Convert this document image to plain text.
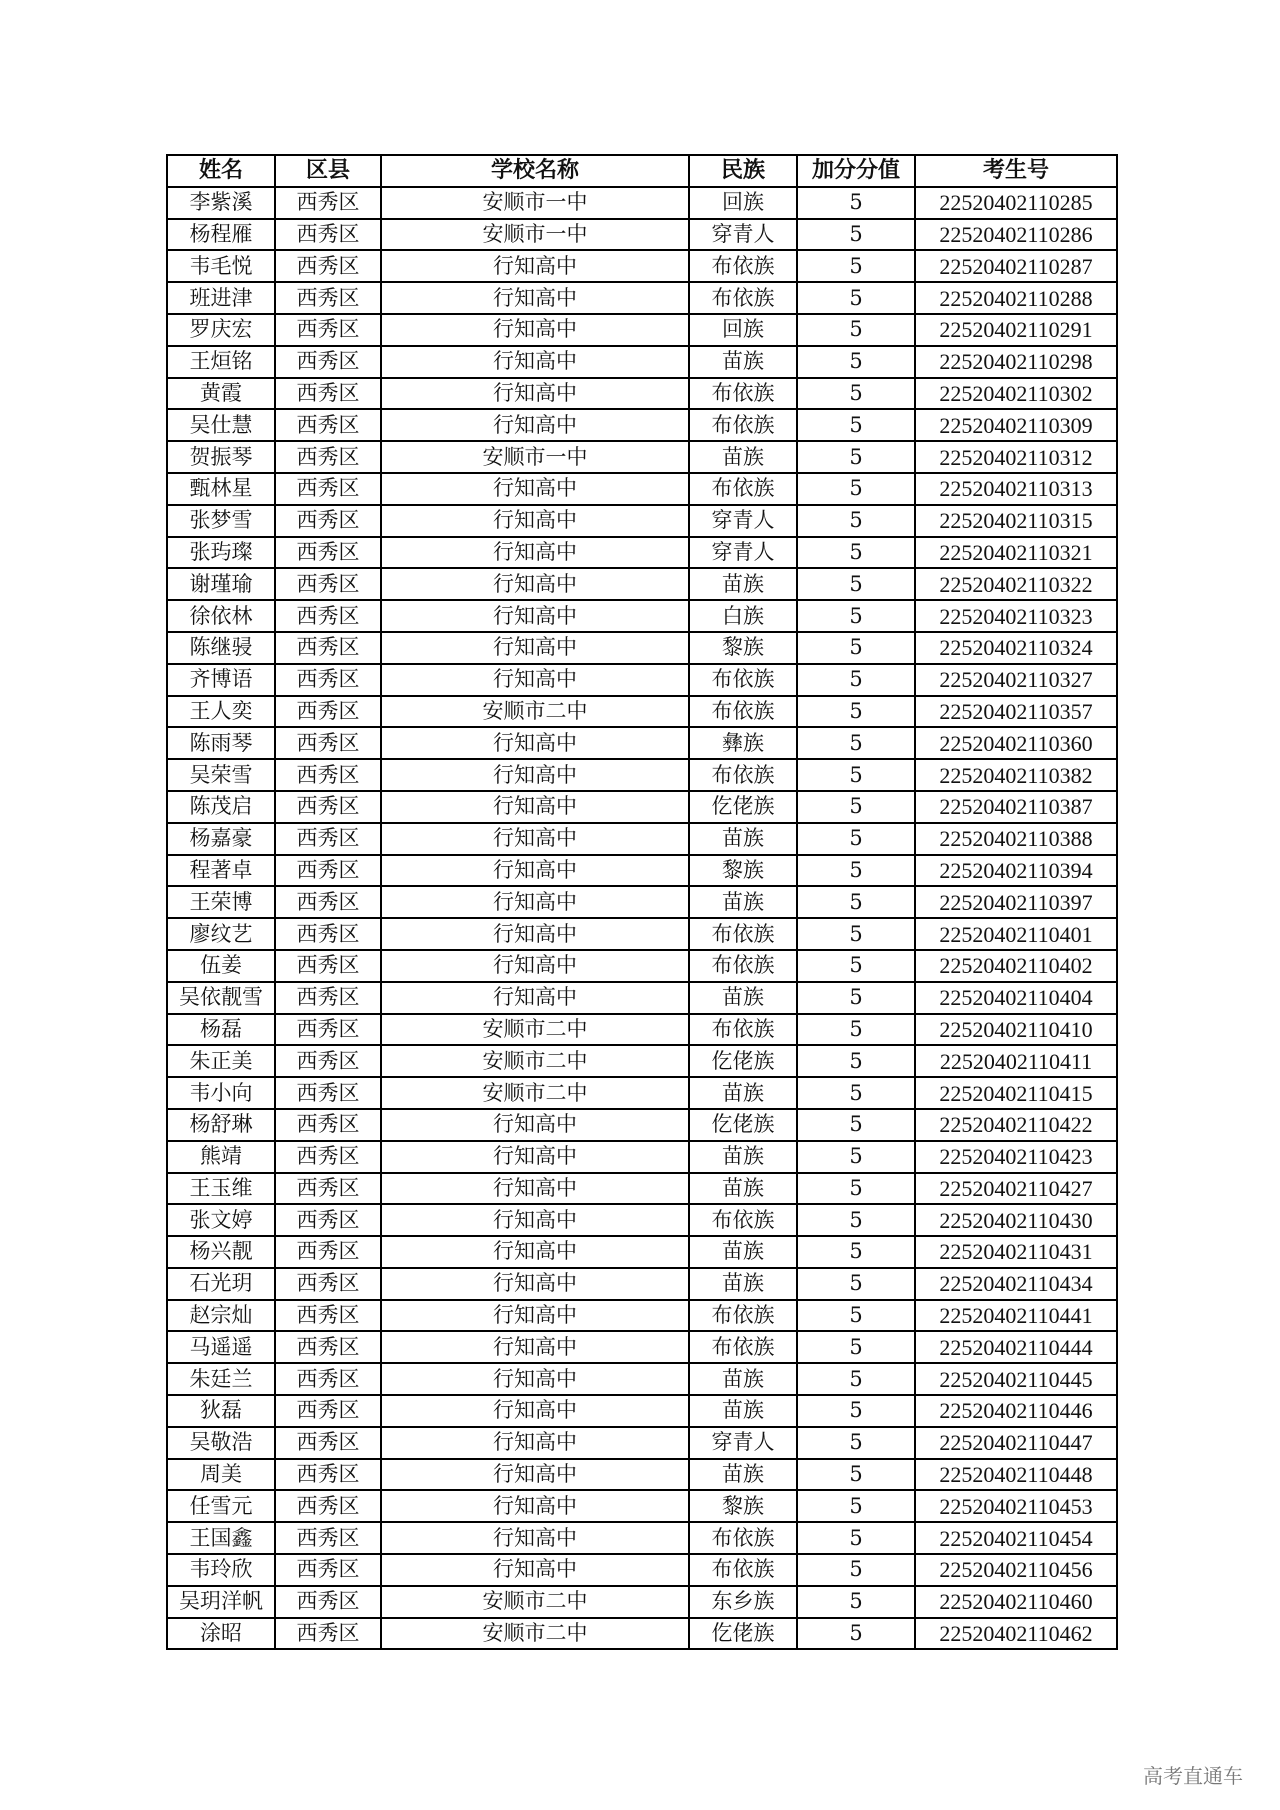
姓名	区县	学校名称	民族	加分分值	考生号
李紫溪	西秀区	安顺市一中	回族	5	22520402110285
杨程雁	西秀区	安顺市一中	穿青人	5	22520402110286
韦毛悦	西秀区	行知高中	布依族	5	22520402110287
班进津	西秀区	行知高中	布依族	5	22520402110288
罗庆宏	西秀区	行知高中	回族	5	22520402110291
王烜铭	西秀区	行知高中	苗族	5	22520402110298
黄霞	西秀区	行知高中	布依族	5	22520402110302
吴仕慧	西秀区	行知高中	布依族	5	22520402110309
贺振琴	西秀区	安顺市一中	苗族	5	22520402110312
甄林星	西秀区	行知高中	布依族	5	22520402110313
张梦雪	西秀区	行知高中	穿青人	5	22520402110315
张玙璨	西秀区	行知高中	穿青人	5	22520402110321
谢瑾瑜	西秀区	行知高中	苗族	5	22520402110322
徐依林	西秀区	行知高中	白族	5	22520402110323
陈继骎	西秀区	行知高中	黎族	5	22520402110324
齐博语	西秀区	行知高中	布依族	5	22520402110327
王人奕	西秀区	安顺市二中	布依族	5	22520402110357
陈雨琴	西秀区	行知高中	彝族	5	22520402110360
吴荣雪	西秀区	行知高中	布依族	5	22520402110382
陈茂启	西秀区	行知高中	仡佬族	5	22520402110387
杨嘉豪	西秀区	行知高中	苗族	5	22520402110388
程著卓	西秀区	行知高中	黎族	5	22520402110394
王荣博	西秀区	行知高中	苗族	5	22520402110397
廖纹艺	西秀区	行知高中	布依族	5	22520402110401
伍姜	西秀区	行知高中	布依族	5	22520402110402
吴依靓雪	西秀区	行知高中	苗族	5	22520402110404
杨磊	西秀区	安顺市二中	布依族	5	22520402110410
朱正美	西秀区	安顺市二中	仡佬族	5	22520402110411
韦小向	西秀区	安顺市二中	苗族	5	22520402110415
杨舒琳	西秀区	行知高中	仡佬族	5	22520402110422
熊靖	西秀区	行知高中	苗族	5	22520402110423
王玉维	西秀区	行知高中	苗族	5	22520402110427
张文婷	西秀区	行知高中	布依族	5	22520402110430
杨兴靓	西秀区	行知高中	苗族	5	22520402110431
石光玥	西秀区	行知高中	苗族	5	22520402110434
赵宗灿	西秀区	行知高中	布依族	5	22520402110441
马遥遥	西秀区	行知高中	布依族	5	22520402110444
朱廷兰	西秀区	行知高中	苗族	5	22520402110445
狄磊	西秀区	行知高中	苗族	5	22520402110446
吴敬浩	西秀区	行知高中	穿青人	5	22520402110447
周美	西秀区	行知高中	苗族	5	22520402110448
任雪元	西秀区	行知高中	黎族	5	22520402110453
王国鑫	西秀区	行知高中	布依族	5	22520402110454
韦玲欣	西秀区	行知高中	布依族	5	22520402110456
吴玥洋帆	西秀区	安顺市二中	东乡族	5	22520402110460
涂昭	西秀区	安顺市二中	仡佬族	5	22520402110462
高考直通车
